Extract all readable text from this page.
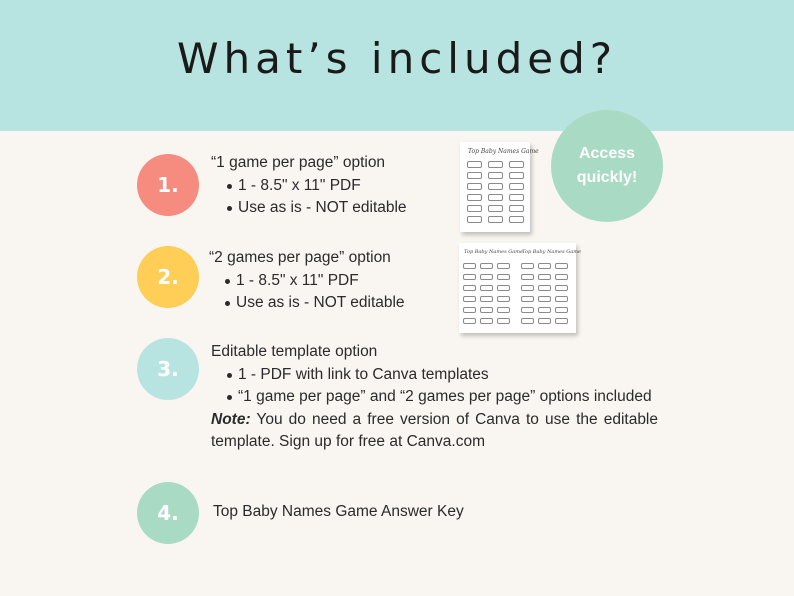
What’s included?
Access
quickly!
1.
2.
3.
4.
“1 game per page” option
1 - 8.5" x 11" PDF
Use as is - NOT editable
“2 games per page” option
1 - 8.5" x 11" PDF
Use as is - NOT editable
Editable template option
1 - PDF with link to Canva templates
“1 game per page” and “2 games per page” options included
Note: You do need a free version of Canva to use the editable template. Sign up for free at Canva.com
Top Baby Names Game Answer Key
Top Baby Names Game
Top Baby Names Game Top Baby Names Game
